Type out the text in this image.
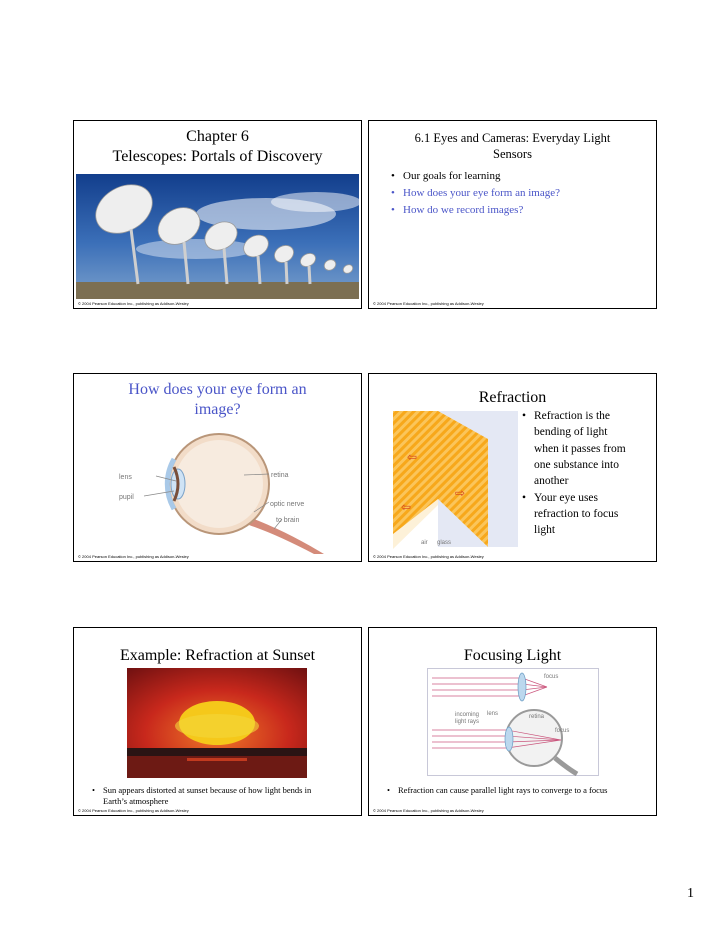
Chapter 6
Telescopes: Portals of Discovery
© 2004 Pearson Education Inc., publishing as Addison-Wesley
6.1 Eyes and Cameras: Everyday Light
Sensors
• Our goals for learning
• How does your eye form an image?
• How do we record images?
© 2004 Pearson Education Inc., publishing as Addison-Wesley
How does your eye form an
image?
lens
pupil
retina
optic nerve
to brain
© 2004 Pearson Education Inc., publishing as Addison-Wesley
Refraction
⇦
⇨
⇦
air glass
• Refraction is the bending of light when it passes from one substance into another
• Your eye uses refraction to focus light
© 2004 Pearson Education Inc., publishing as Addison-Wesley
Example: Refraction at Sunset
• Sun appears distorted at sunset because of how light bends in Earth’s atmosphere
© 2004 Pearson Education Inc., publishing as Addison-Wesley
Focusing Light
focus
lens
incoming
light rays
retina
focus
• Refraction can cause parallel light rays to converge to a focus
© 2004 Pearson Education Inc., publishing as Addison-Wesley
1
